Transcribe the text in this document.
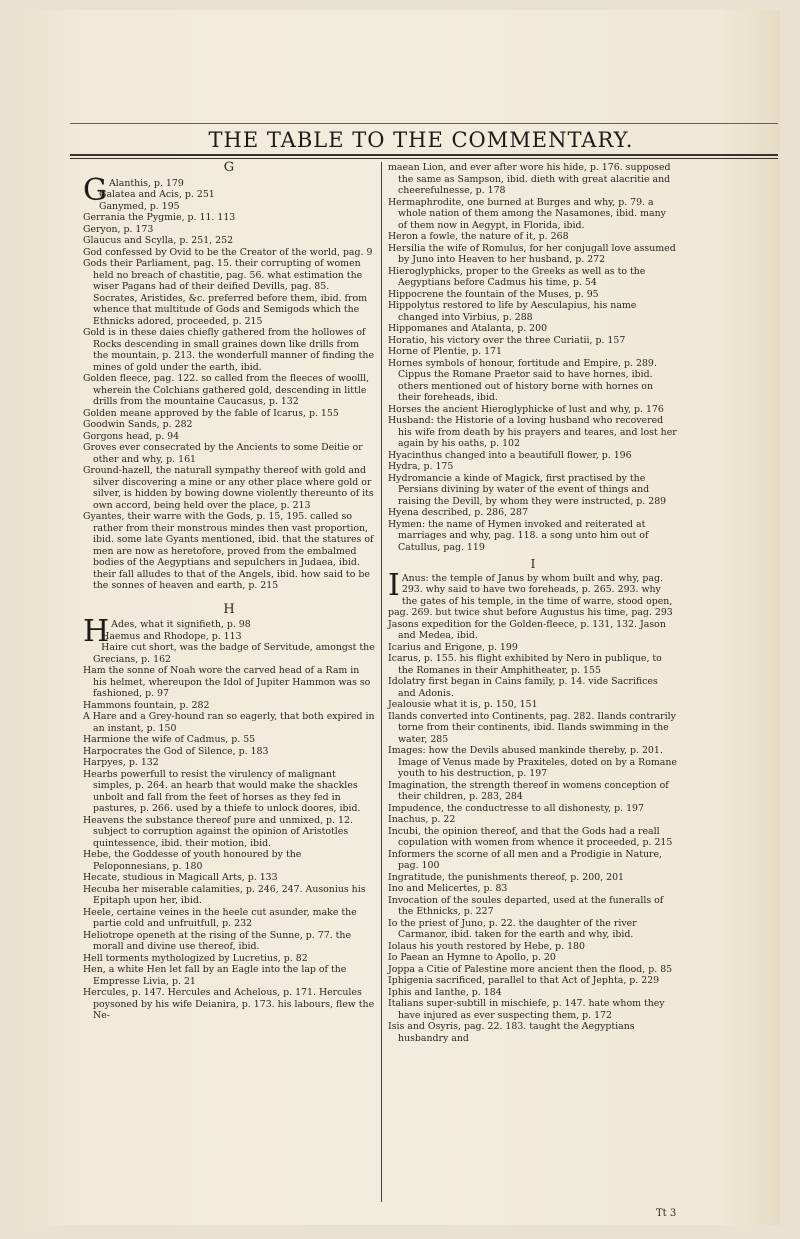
THE TABLE TO THE COMMENTARY.
G

G Alanthis, p. 179

Galatea and Acis, p. 251

Ganymed, p. 195

Gerrania the Pygmie, p. 11. 113

Geryon, p. 173

Glaucus and Scylla, p. 251, 252

God confessed by Ovid to be the Creator of the world, pag. 9

Gods their Parliament, pag. 15. their corrupting of women held no breach of chastitie, pag. 56. what estimation the wiser Pagans had of their deified Devills, pag. 85. Socrates, Aristides, &c. preferred before them, ibid. from whence that multitude of Gods and Semigods which the Ethnicks adored, proceeded, p. 215

Gold is in these daies chiefly gathered from the hollowes of Rocks descending in small graines down like drills from the mountain, p. 213. the wonderfull manner of finding the mines of gold under the earth, ibid.

Golden fleece, pag. 122. so called from the fleeces of woolll, wherein the Colchians gathered gold, descending in little drills from the mountaine Caucasus, p. 132

Golden meane approved by the fable of Icarus, p. 155

Goodwin Sands, p. 282

Gorgons head, p. 94

Groves ever consecrated by the Ancients to some Deitie or other and why, p. 161

Ground-hazell, the naturall sympathy thereof with gold and silver discovering a mine or any other place where gold or silver, is hidden by bowing downe violently thereunto of its own accord, being held over the place, p. 213

Gyantes, their warre with the Gods, p. 15, 195. called so rather from their monstrous mindes then vast proportion, ibid. some late Gyants mentioned, ibid. that the statures of men are now as heretofore, proved from the embalmed bodies of the Aegyptians and sepulchers in Judaea, ibid. their fall alludes to that of the Angels, ibid. how said to be the sonnes of heaven and earth, p. 215

H

H Ades, what it signifieth, p. 98

Haemus and Rhodope, p. 113

Haire cut short, was the badge of Servitude, amongst the Grecians, p. 162

Ham the sonne of Noah wore the carved head of a Ram in his helmet, whereupon the Idol of Jupiter Hammon was so fashioned, p. 97

Hammons fountain, p. 282

A Hare and a Grey-hound ran so eagerly, that both expired in an instant, p. 150

Harmione the wife of Cadmus, p. 55

Harpocrates the God of Silence, p. 183

Harpyes, p. 132

Hearbs powerfull to resist the virulency of malignant simples, p. 264. an hearb that would make the shackles unbolt and fall from the feet of horses as they fed in pastures, p. 266. used by a thiefe to unlock doores, ibid.

Heavens the substance thereof pure and unmixed, p. 12. subject to corruption against the opinion of Aristotles quintessence, ibid. their motion, ibid.

Hebe, the Goddesse of youth honoured by the Peloponnesians, p. 180

Hecate, studious in Magicall Arts, p. 133

Hecuba her miserable calamities, p. 246, 247. Ausonius his Epitaph upon her, ibid.

Heele, certaine veines in the heele cut asunder, make the partie cold and unfruitfull, p. 232

Heliotrope openeth at the rising of the Sunne, p. 77. the morall and divine use thereof, ibid.

Hell torments mythologized by Lucretius, p. 82

Hen, a white Hen let fall by an Eagle into the lap of the Empresse Livia, p. 21

Hercules, p. 147. Hercules and Achelous, p. 171. Hercules poysoned by his wife Deianira, p. 173. his labours, flew the Ne-

maean Lion, and ever after wore his hide, p. 176. supposed the same as Sampson, ibid. dieth with great alacritie and cheerefulnesse, p. 178

Hermaphrodite, one burned at Burges and why, p. 79. a whole nation of them among the Nasamones, ibid. many of them now in Aegypt, in Florida, ibid.

Heron a fowle, the nature of it, p. 268

Hersilia the wife of Romulus, for her conjugall love assumed by Juno into Heaven to her husband, p. 272

Hieroglyphicks, proper to the Greeks as well as to the Aegyptians before Cadmus his time, p. 54

Hippocrene the fountain of the Muses, p. 95

Hippolytus restored to life by Aesculapius, his name changed into Virbius, p. 288

Hippomanes and Atalanta, p. 200

Horatio, his victory over the three Curiatii, p. 157

Horne of Plentie, p. 171

Hornes symbols of honour, fortitude and Empire, p. 289. Cippus the Romane Praetor said to have hornes, ibid. others mentioned out of history borne with hornes on their foreheads, ibid.

Horses the ancient Hieroglyphicke of lust and why, p. 176

Husband: the Historie of a loving husband who recovered his wife from death by his prayers and teares, and lost her again by his oaths, p. 102

Hyacinthus changed into a beautifull flower, p. 196

Hydra, p. 175

Hydromancie a kinde of Magick, first practised by the Persians divining by water of the event of things and raising the Devill, by whom they were instructed, p. 289

Hyena described, p. 286, 287

Hymen: the name of Hymen invoked and reiterated at marriages and why, pag. 118. a song unto him out of Catullus, pag. 119

I

I Anus: the temple of Janus by whom built and why, pag. 293. why said to have two foreheads, p. 265. 293. why the gates of his temple, in the time of warre, stood open, pag. 269. but twice shut before Augustus his time, pag. 293

Jasons expedition for the Golden-fleece, p. 131, 132. Jason and Medea, ibid.

Icarius and Erigone, p. 199

Icarus, p. 155. his flight exhibited by Nero in publique, to the Romanes in their Amphitheater, p. 155

Idolatry first began in Cains family, p. 14. vide Sacrifices and Adonis.

Jealousie what it is, p. 150, 151

Ilands converted into Continents, pag. 282. Ilands contrarily torne from their continents, ibid. Ilands swimming in the water, 285

Images: how the Devils abused mankinde thereby, p. 201. Image of Venus made by Praxiteles, doted on by a Romane youth to his destruction, p. 197

Imagination, the strength thereof in womens conception of their children, p. 283, 284

Impudence, the conductresse to all dishonesty, p. 197

Inachus, p. 22

Incubi, the opinion thereof, and that the Gods had a reall copulation with women from whence it proceeded, p. 215

Informers the scorne of all men and a Prodigie in Nature, pag. 100

Ingratitude, the punishments thereof, p. 200, 201

Ino and Melicertes, p. 83

Invocation of the soules departed, used at the funeralls of the Ethnicks, p. 227

Io the priest of Juno, p. 22. the daughter of the river Carmanor, ibid. taken for the earth and why, ibid.

Iolaus his youth restored by Hebe, p. 180

Io Paean an Hymne to Apollo, p. 20

Joppa a Citie of Palestine more ancient then the flood, p. 85

Iphigenia sacrificed, parallel to that Act of Jephta, p. 229

Iphis and Ianthe, p. 184

Italians super-subtill in mischiefe, p. 147. hate whom they have injured as ever suspecting them, p. 172

Isis and Osyris, pag. 22. 183. taught the Aegyptians husbandry and

Tt 3
